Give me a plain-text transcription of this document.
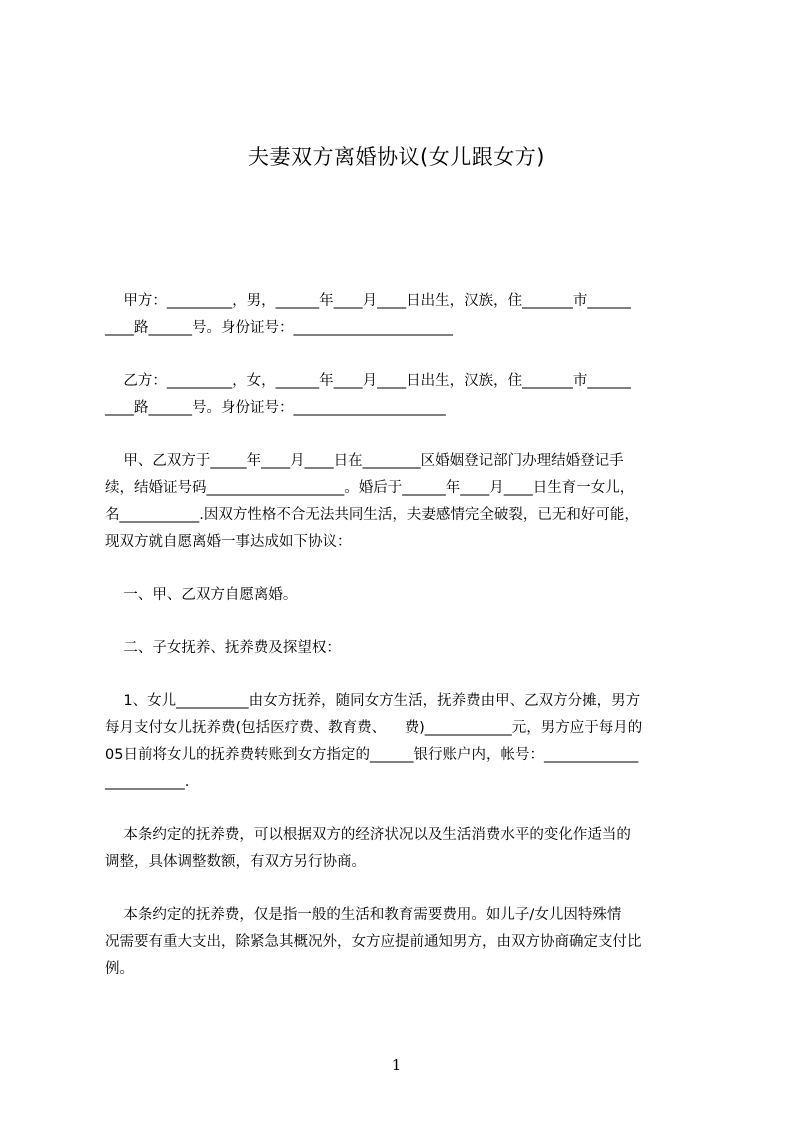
夫妻双方离婚协议(女儿跟女方)
甲方：_________，男，______年____月____日出生，汉族，住_______市______
____路______号。身份证号：______________________
乙方：_________，女，______年____月____日出生，汉族，住_______市______
____路______号。身份证号：_____________________
甲、乙双方于_____年____月____日在________区婚姻登记部门办理结婚登记手
续，结婚证号码___________________。婚后于______年____月____日生育一女儿，
名___________.因双方性格不合无法共同生活，夫妻感情完全破裂，已无和好可能，
现双方就自愿离婚一事达成如下协议：
一、甲、乙双方自愿离婚。
二、子女抚养、抚养费及探望权：
1、女儿__________由女方抚养，随同女方生活，抚养费由甲、乙双方分摊，男方
每月支付女儿抚养费(包括医疗费、教育费、    费)____________元，男方应于每月的
05日前将女儿的抚养费转账到女方指定的______银行账户内，帐号：_____________
___________.
本条约定的抚养费，可以根据双方的经济状况以及生活消费水平的变化作适当的
调整，具体调整数额，有双方另行协商。
本条约定的抚养费，仅是指一般的生活和教育需要费用。如儿子/女儿因特殊情
况需要有重大支出，除紧急其概况外，女方应提前通知男方，由双方协商确定支付比
例。
1
